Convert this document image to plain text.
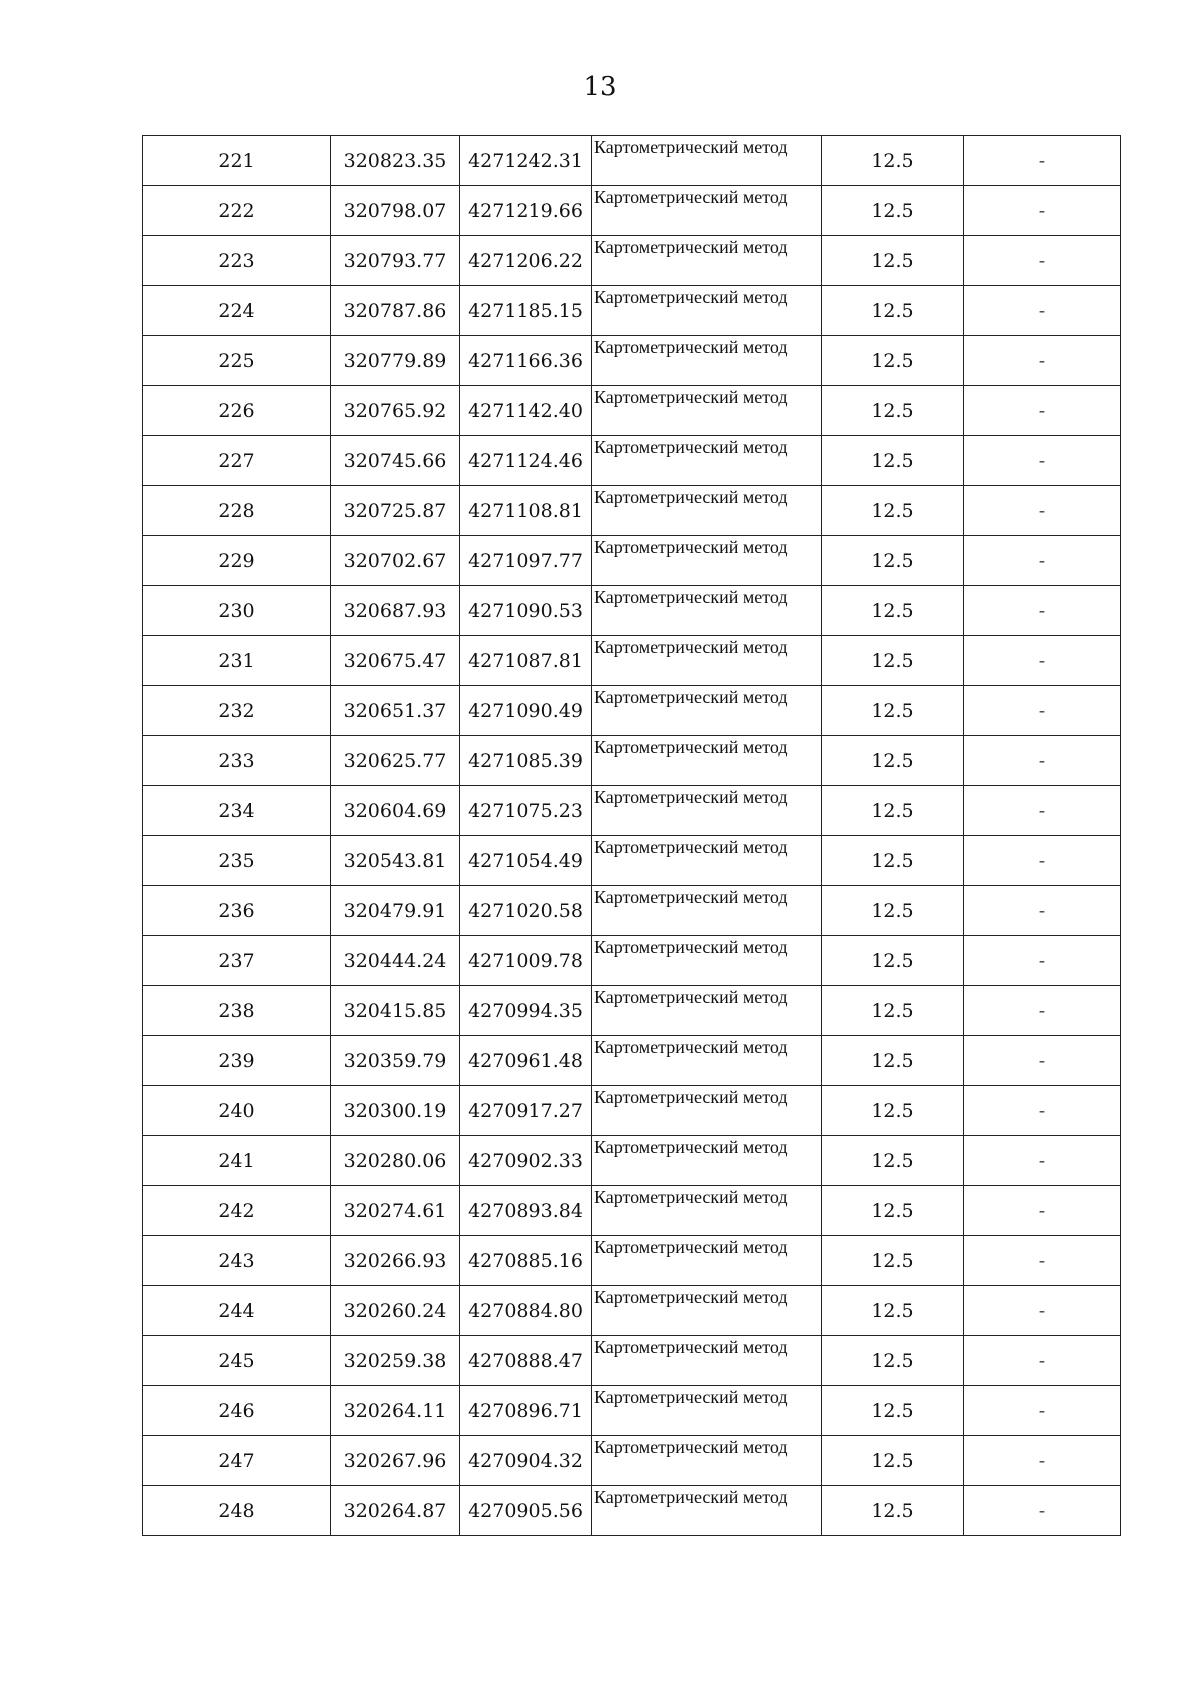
13
221	320823.35	4271242.31	Картометрический метод	12.5	-
222	320798.07	4271219.66	Картометрический метод	12.5	-
223	320793.77	4271206.22	Картометрический метод	12.5	-
224	320787.86	4271185.15	Картометрический метод	12.5	-
225	320779.89	4271166.36	Картометрический метод	12.5	-
226	320765.92	4271142.40	Картометрический метод	12.5	-
227	320745.66	4271124.46	Картометрический метод	12.5	-
228	320725.87	4271108.81	Картометрический метод	12.5	-
229	320702.67	4271097.77	Картометрический метод	12.5	-
230	320687.93	4271090.53	Картометрический метод	12.5	-
231	320675.47	4271087.81	Картометрический метод	12.5	-
232	320651.37	4271090.49	Картометрический метод	12.5	-
233	320625.77	4271085.39	Картометрический метод	12.5	-
234	320604.69	4271075.23	Картометрический метод	12.5	-
235	320543.81	4271054.49	Картометрический метод	12.5	-
236	320479.91	4271020.58	Картометрический метод	12.5	-
237	320444.24	4271009.78	Картометрический метод	12.5	-
238	320415.85	4270994.35	Картометрический метод	12.5	-
239	320359.79	4270961.48	Картометрический метод	12.5	-
240	320300.19	4270917.27	Картометрический метод	12.5	-
241	320280.06	4270902.33	Картометрический метод	12.5	-
242	320274.61	4270893.84	Картометрический метод	12.5	-
243	320266.93	4270885.16	Картометрический метод	12.5	-
244	320260.24	4270884.80	Картометрический метод	12.5	-
245	320259.38	4270888.47	Картометрический метод	12.5	-
246	320264.11	4270896.71	Картометрический метод	12.5	-
247	320267.96	4270904.32	Картометрический метод	12.5	-
248	320264.87	4270905.56	Картометрический метод	12.5	-
